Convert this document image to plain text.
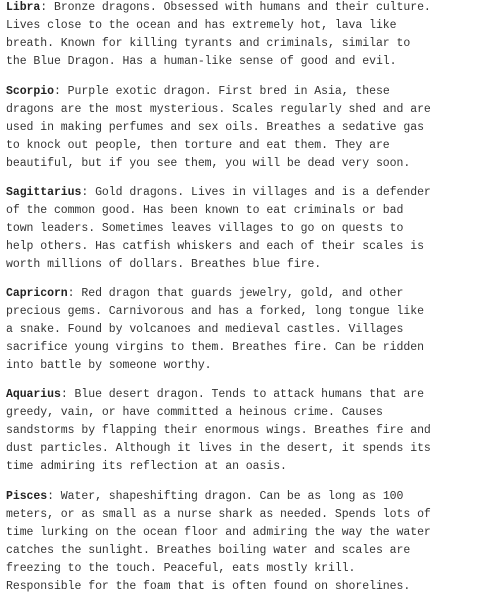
Libra: Bronze dragons. Obsessed with humans and their culture.
Lives close to the ocean and has extremely hot, lava like
breath. Known for killing tyrants and criminals, similar to
the Blue Dragon. Has a human-like sense of good and evil.
Scorpio: Purple exotic dragon. First bred in Asia, these
dragons are the most mysterious. Scales regularly shed and are
used in making perfumes and sex oils. Breathes a sedative gas
to knock out people, then torture and eat them. They are
beautiful, but if you see them, you will be dead very soon.
Sagittarius: Gold dragons. Lives in villages and is a defender
of the common good. Has been known to eat criminals or bad
town leaders. Sometimes leaves villages to go on quests to
help others. Has catfish whiskers and each of their scales is
worth millions of dollars. Breathes blue fire.
Capricorn: Red dragon that guards jewelry, gold, and other
precious gems. Carnivorous and has a forked, long tongue like
a snake. Found by volcanoes and medieval castles. Villages
sacrifice young virgins to them. Breathes fire. Can be ridden
into battle by someone worthy.
Aquarius: Blue desert dragon. Tends to attack humans that are
greedy, vain, or have committed a heinous crime. Causes
sandstorms by flapping their enormous wings. Breathes fire and
dust particles. Although it lives in the desert, it spends its
time admiring its reflection at an oasis.
Pisces: Water, shapeshifting dragon. Can be as long as 100
meters, or as small as a nurse shark as needed. Spends lots of
time lurking on the ocean floor and admiring the way the water
catches the sunlight. Breathes boiling water and scales are
freezing to the touch. Peaceful, eats mostly krill.
Responsible for the foam that is often found on shorelines.
